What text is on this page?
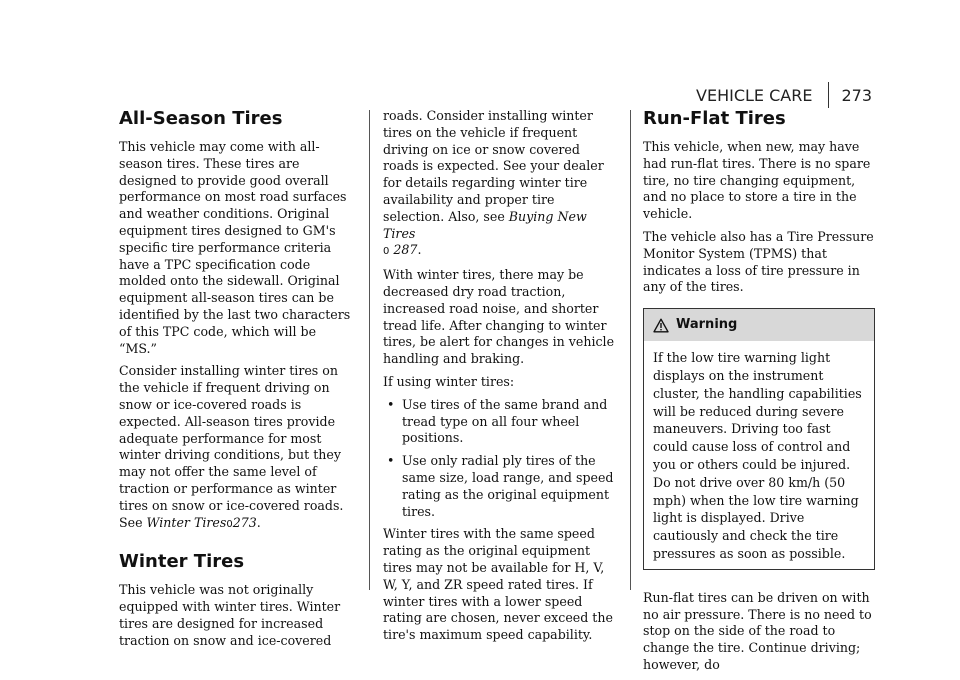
VEHICLE CARE 273
All-Season Tires

This vehicle may come with all-season tires. These tires are designed to provide good overall performance on most road surfaces and weather conditions. Original equipment tires designed to GM's specific tire performance criteria have a TPC specification code molded onto the sidewall. Original equipment all-season tires can be identified by the last two characters of this TPC code, which will be “MS.”

Consider installing winter tires on the vehicle if frequent driving on snow or ice-covered roads is expected. All-season tires provide adequate performance for most winter driving conditions, but they may not offer the same level of traction or performance as winter tires on snow or ice-covered roads. See Winter Tires0273.

Winter Tires

This vehicle was not originally equipped with winter tires. Winter tires are designed for increased traction on snow and ice-covered

roads. Consider installing winter tires on the vehicle if frequent driving on ice or snow covered roads is expected. See your dealer for details regarding winter tire availability and proper tire selection. Also, see Buying New Tires
0 287.

With winter tires, there may be decreased dry road traction, increased road noise, and shorter tread life. After changing to winter tires, be alert for changes in vehicle handling and braking.

If using winter tires:

• Use tires of the same brand and tread type on all four wheel positions.
• Use only radial ply tires of the same size, load range, and speed rating as the original equipment tires.

Winter tires with the same speed rating as the original equipment tires may not be available for H, V, W, Y, and ZR speed rated tires. If winter tires with a lower speed rating are chosen, never exceed the tire's maximum speed capability.

Run-Flat Tires

This vehicle, when new, may have had run-flat tires. There is no spare tire, no tire changing equipment, and no place to store a tire in the vehicle.

The vehicle also has a Tire Pressure Monitor System (TPMS) that indicates a loss of tire pressure in any of the tires.

Warning
If the low tire warning light displays on the instrument cluster, the handling capabilities will be reduced during severe maneuvers. Driving too fast could cause loss of control and you or others could be injured. Do not drive over 80 km/h (50 mph) when the low tire warning light is displayed. Drive cautiously and check the tire pressures as soon as possible.

Run-flat tires can be driven on with no air pressure. There is no need to stop on the side of the road to change the tire. Continue driving; however, do
